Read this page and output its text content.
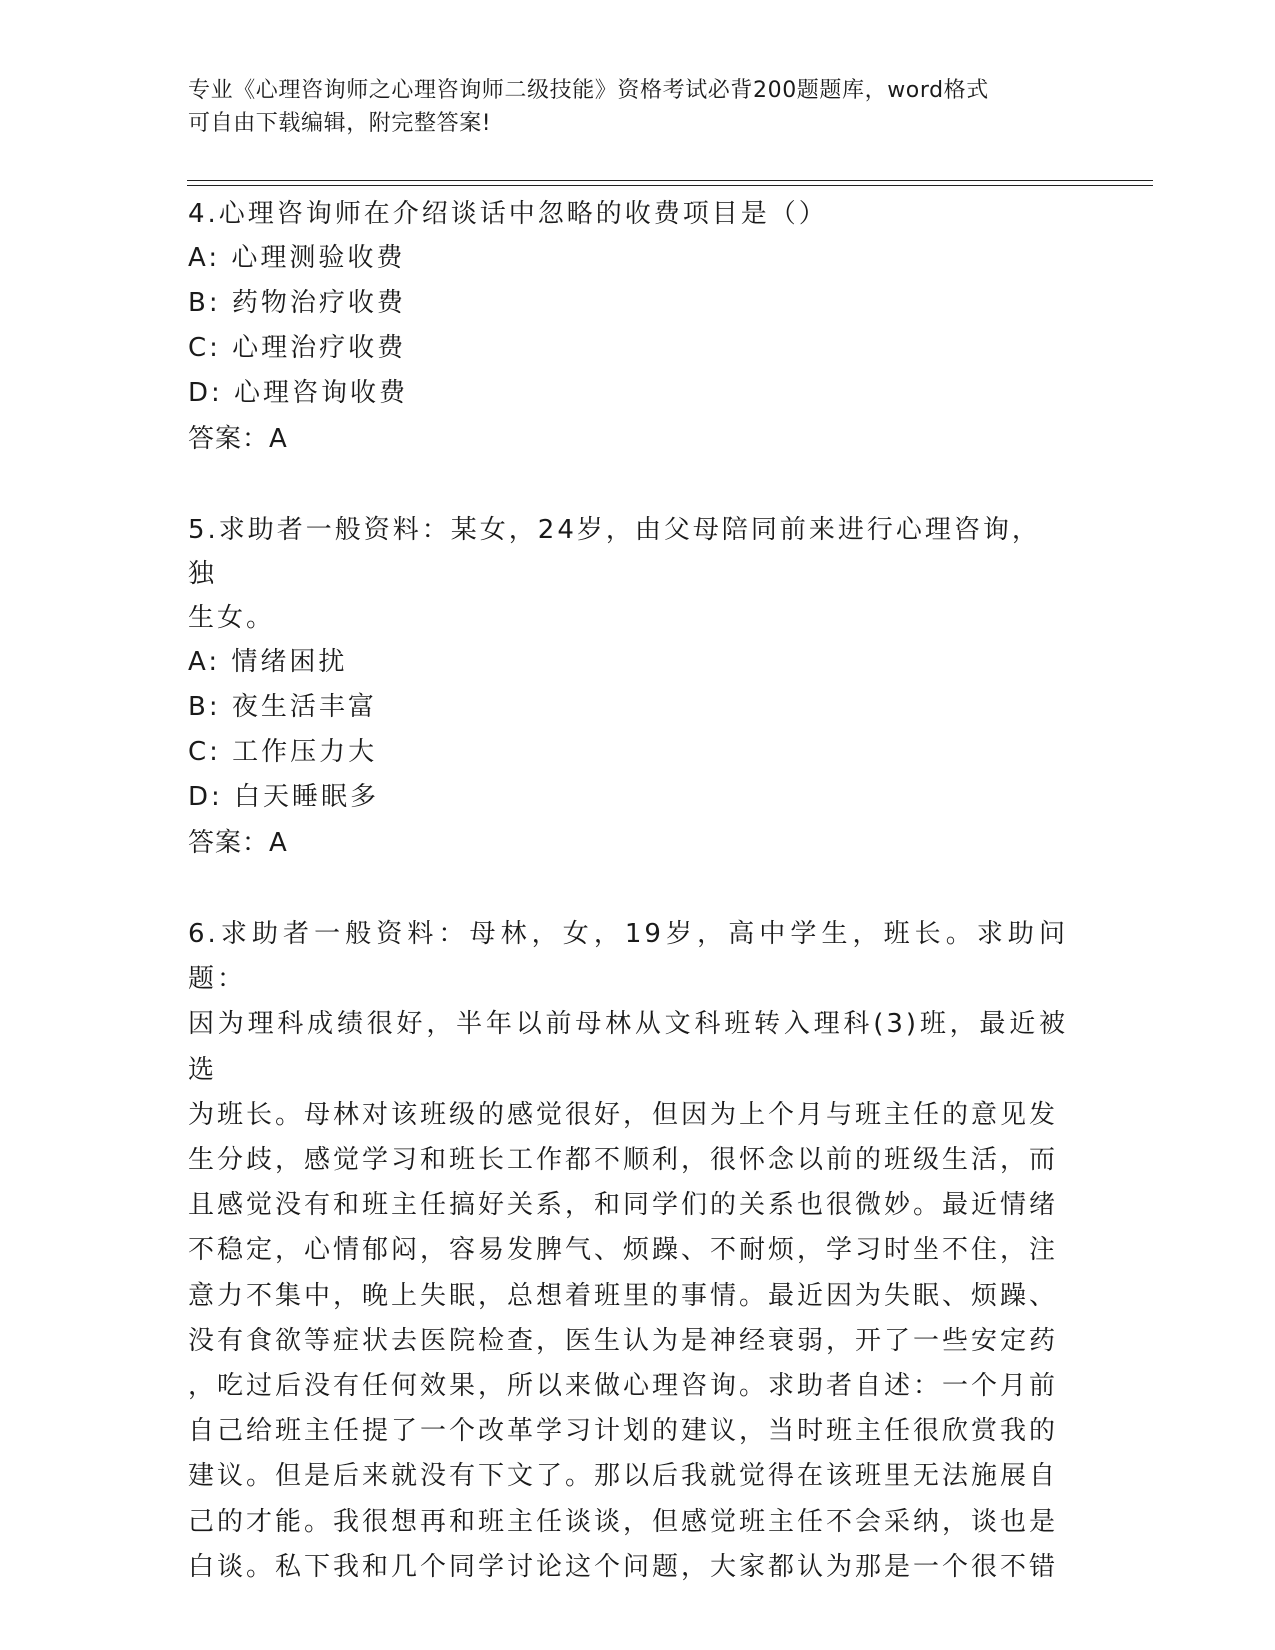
专业《心理咨询师之心理咨询师二级技能》资格考试必背200题题库，word格式
可自由下载编辑，附完整答案!

4.心理咨询师在介绍谈话中忽略的收费项目是（）

A: 心理测验收费

B: 药物治疗收费

C: 心理治疗收费

D: 心理咨询收费

答案：A

5.求助者一般资料：某女，24岁，由父母陪同前来进行心理咨询，独

生女。

A: 情绪困扰

B: 夜生活丰富

C: 工作压力大

D: 白天睡眠多

答案：A

6.求助者一般资料：母林，女，19岁，高中学生，班长。求助问题：

因为理科成绩很好，半年以前母林从文科班转入理科(3)班，最近被选

为班长。母林对该班级的感觉很好，但因为上个月与班主任的意见发

生分歧，感觉学习和班长工作都不顺利，很怀念以前的班级生活，而

且感觉没有和班主任搞好关系，和同学们的关系也很微妙。最近情绪

不稳定，心情郁闷，容易发脾气、烦躁、不耐烦，学习时坐不住，注

意力不集中，晚上失眠，总想着班里的事情。最近因为失眠、烦躁、

没有食欲等症状去医院检查，医生认为是神经衰弱，开了一些安定药

，吃过后没有任何效果，所以来做心理咨询。求助者自述：一个月前

自己给班主任提了一个改革学习计划的建议，当时班主任很欣赏我的

建议。但是后来就没有下文了。那以后我就觉得在该班里无法施展自

己的才能。我很想再和班主任谈谈，但感觉班主任不会采纳，谈也是

白谈。私下我和几个同学讨论这个问题，大家都认为那是一个很不错
